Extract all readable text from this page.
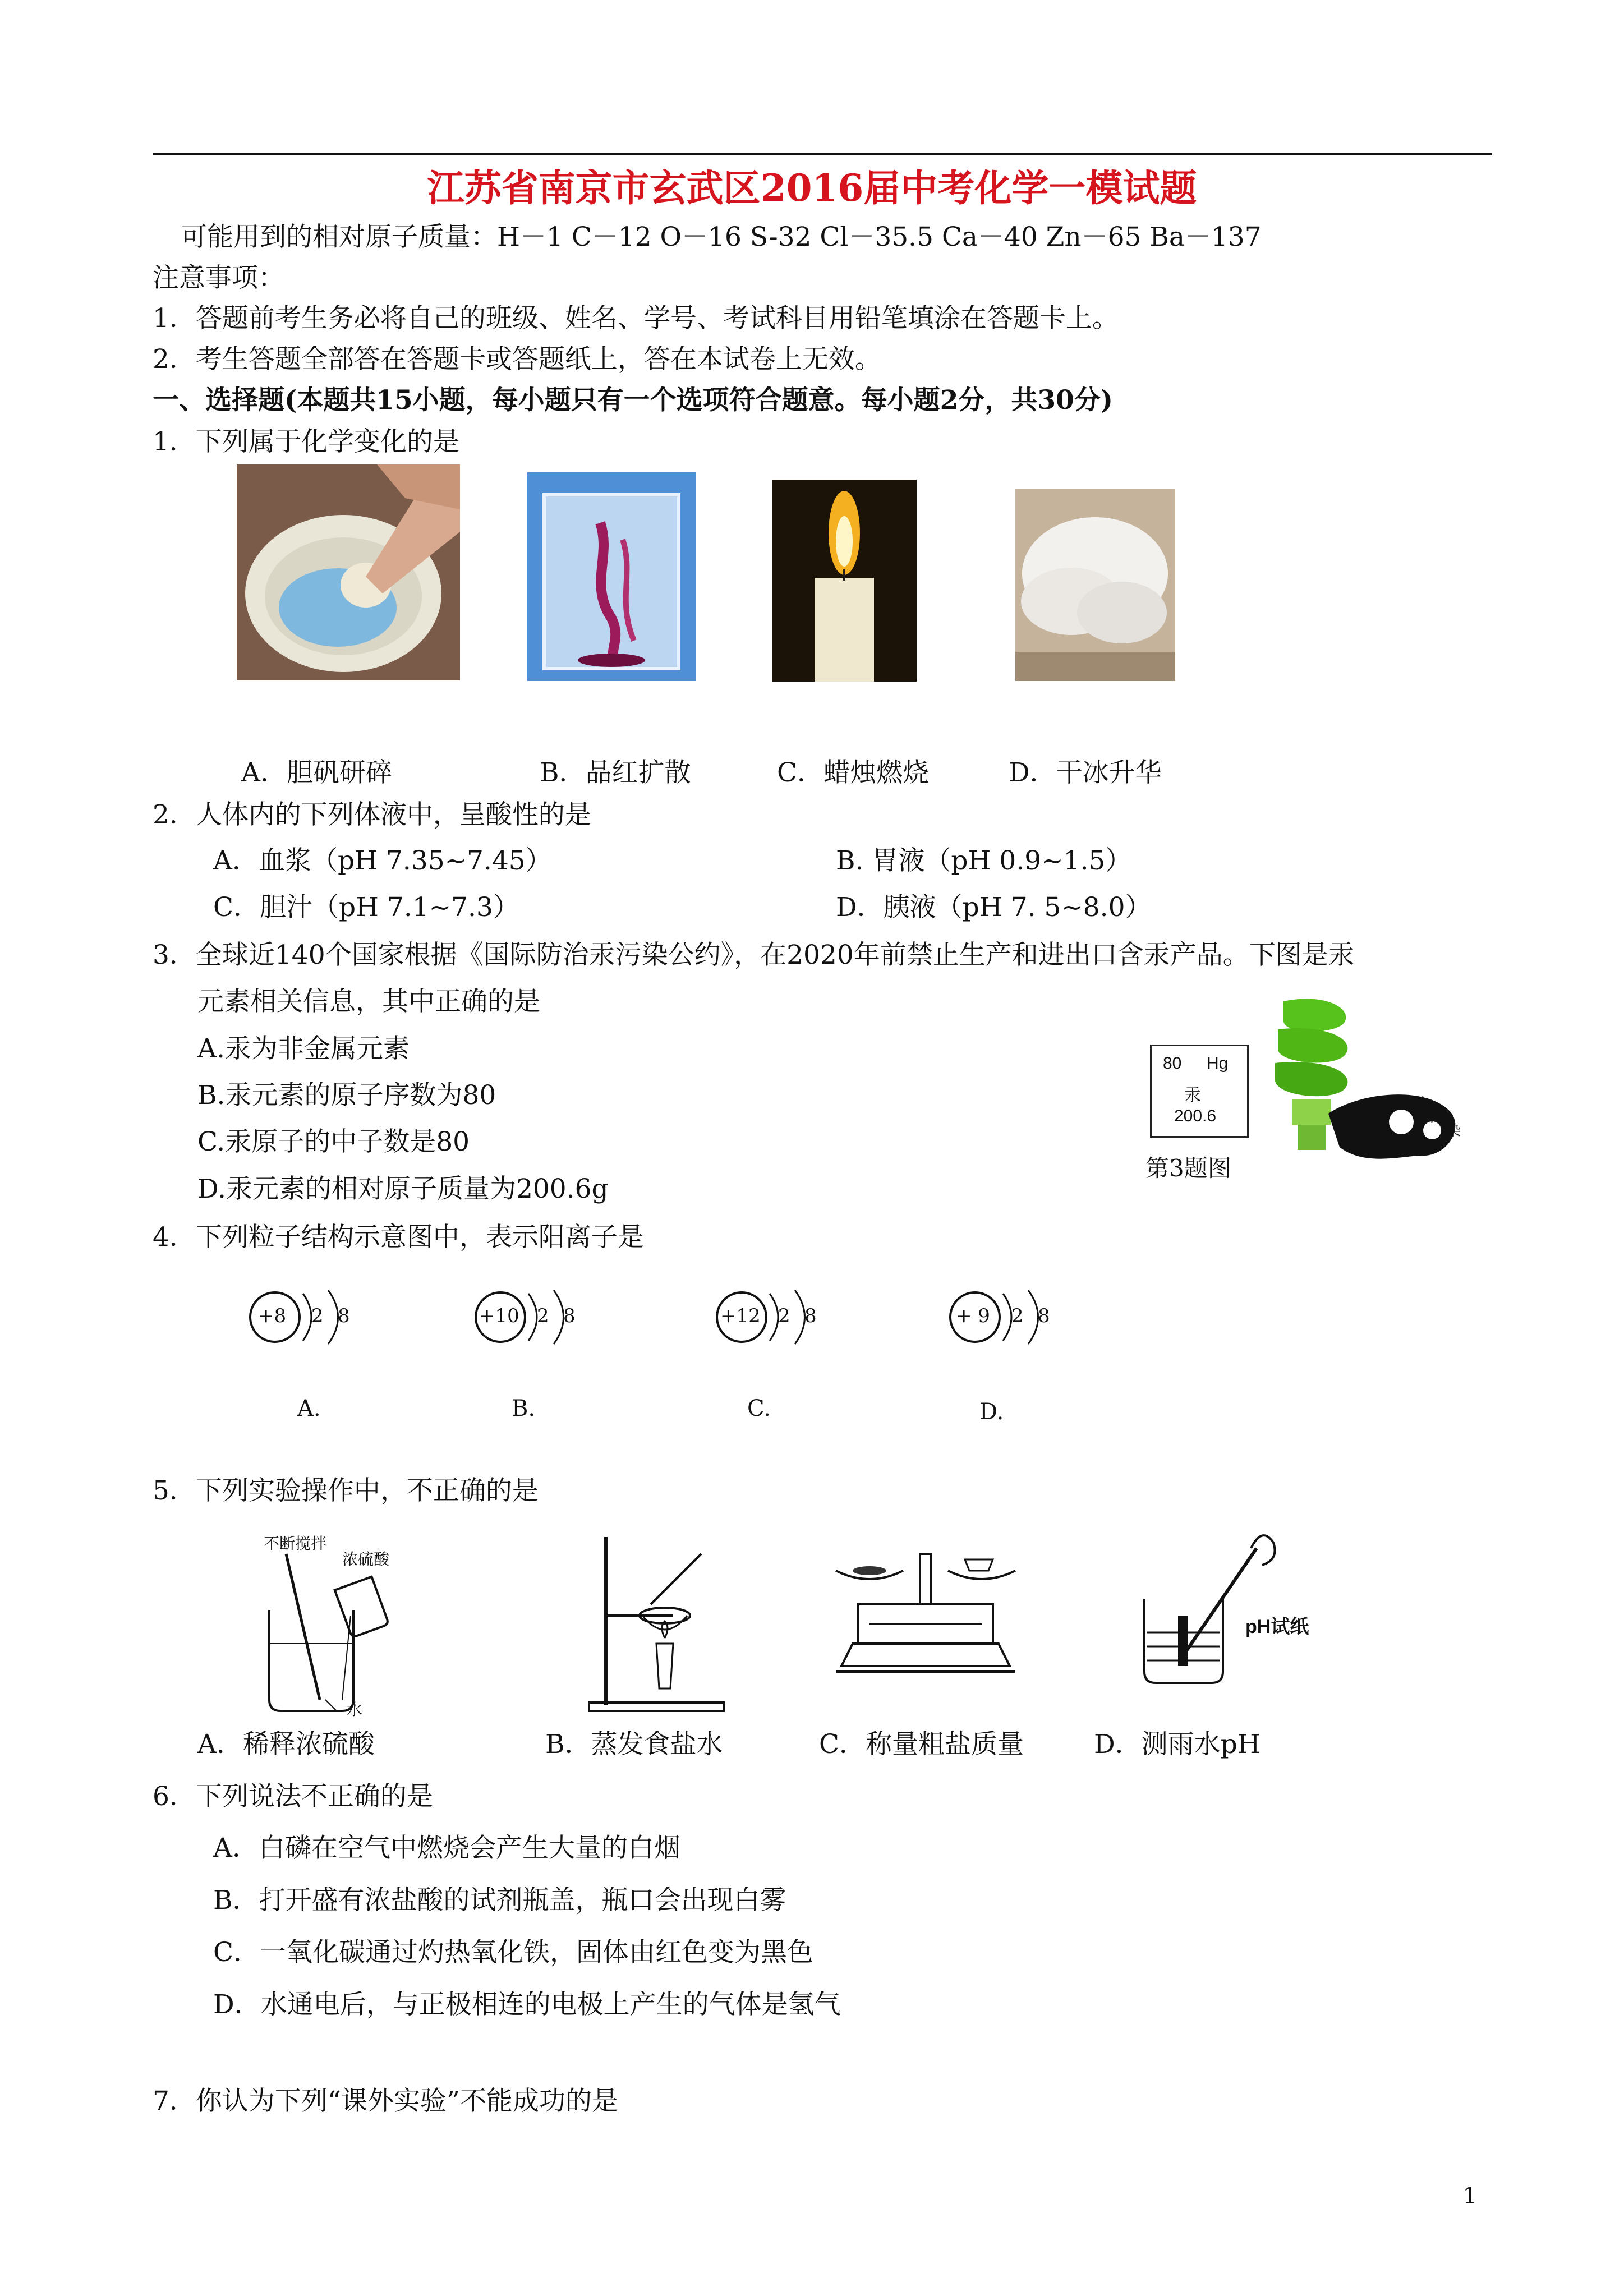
江苏省南京市玄武区2016届中考化学一模试题
可能用到的相对原子质量：H－1 C－12 O－16 S-32 Cl－35.5 Ca－40 Zn－65 Ba－137
注意事项：
1．答题前考生务必将自己的班级、姓名、学号、考试科目用铅笔填涂在答题卡上。
2．考生答题全部答在答题卡或答题纸上，答在本试卷上无效。
一、选择题(本题共15小题，每小题只有一个选项符合题意。每小题2分，共30分)
1．下列属于化学变化的是
A．胆矾研碎	B．品红扩散	C．蜡烛燃烧	D．干冰升华
2．人体内的下列体液中，呈酸性的是
A．血浆（pH 7.35~7.45）	B. 胃液（pH 0.9~1.5）
C．胆汁（pH 7.1~7.3）	D．胰液（pH 7. 5~8.0）
3．全球近140个国家根据《国际防治汞污染公约》，在2020年前禁止生产和进出口含汞产品。下图是汞
元素相关信息，其中正确的是
A.汞为非金属元素
B.汞元素的原子序数为80
C.汞原子的中子数是80
D.汞元素的相对原子质量为200.6g
80 Hg
汞
200.6
汞
污
染
第3题图
4．下列粒子结构示意图中，表示阳离子是
+8 2 8
A.
+10 2 8
B.
+12 2 8
C.
+ 9 2 8
D.
5．下列实验操作中，不正确的是
不断搅拌
浓硫酸
水
pH试纸
A．稀释浓硫酸	B．蒸发食盐水	C．称量粗盐质量	D．测雨水pH
6．下列说法不正确的是
A．白磷在空气中燃烧会产生大量的白烟
B．打开盛有浓盐酸的试剂瓶盖，瓶口会出现白雾
C．一氧化碳通过灼热氧化铁，固体由红色变为黑色
D．水通电后，与正极相连的电极上产生的气体是氢气
7．你认为下列“课外实验”不能成功的是
1
